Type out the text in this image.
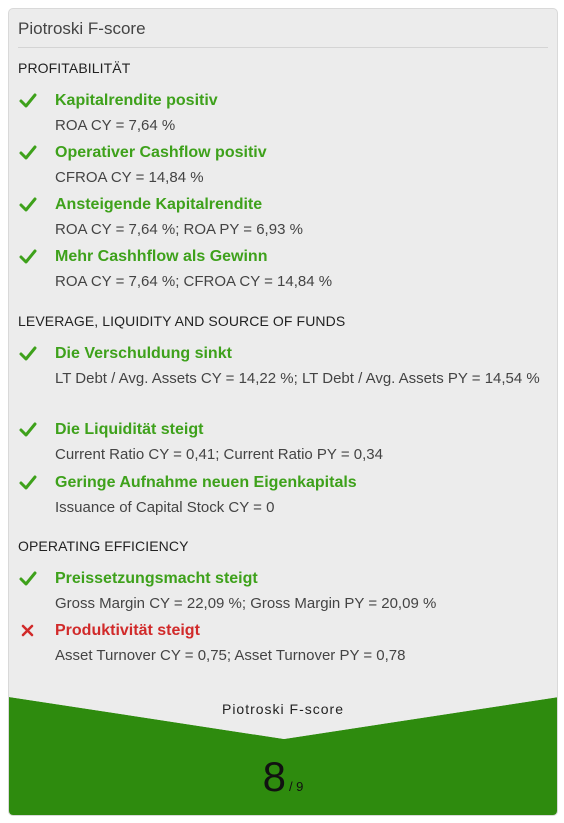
Piotroski F-score
PROFITABILITÄT
Kapitalrendite positiv
ROA CY = 7,64 %
Operativer Cashflow positiv
CFROA CY = 14,84 %
Ansteigende Kapitalrendite
ROA CY = 7,64 %; ROA PY = 6,93 %
Mehr Cashhflow als Gewinn
ROA CY = 7,64 %; CFROA CY = 14,84 %
LEVERAGE, LIQUIDITY AND SOURCE OF FUNDS
Die Verschuldung sinkt
LT Debt / Avg. Assets CY = 14,22 %; LT Debt / Avg. Assets PY = 14,54 %
Die Liquidität steigt
Current Ratio CY = 0,41; Current Ratio PY = 0,34
Geringe Aufnahme neuen Eigenkapitals
Issuance of Capital Stock CY = 0
OPERATING EFFICIENCY
Preissetzungsmacht steigt
Gross Margin CY = 22,09 %; Gross Margin PY = 20,09 %
Produktivität steigt
Asset Turnover CY = 0,75; Asset Turnover PY = 0,78
Piotroski F-score
8 / 9
